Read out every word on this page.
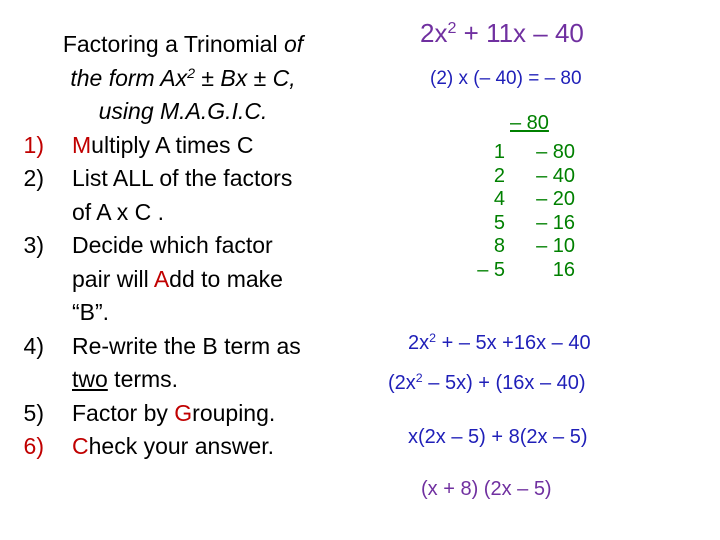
Factoring a Trinomial of
the form $Ax^2 \pm Bx \pm C$,
using M.A.G.I.C.
1) Multiply A times C
2) List ALL of the factors
of A x C .
3) Decide which factor
pair will Add to make
“B”.
4) Re-write the B term as
two terms.
5) Factor by Grouping.
6) Check your answer.
$2x^2 + 11x - 40$
(2) x (– 40) = – 80
– 80
1	– 80
2	– 40
4	– 20
5	– 16
8	– 10
– 5	16
$2x^2$ + – 5x +16x – 40
$(2x^2 - 5x) + (16x - 40)$
x(2x – 5) + 8(2x – 5)
(x + 8) (2x – 5)
